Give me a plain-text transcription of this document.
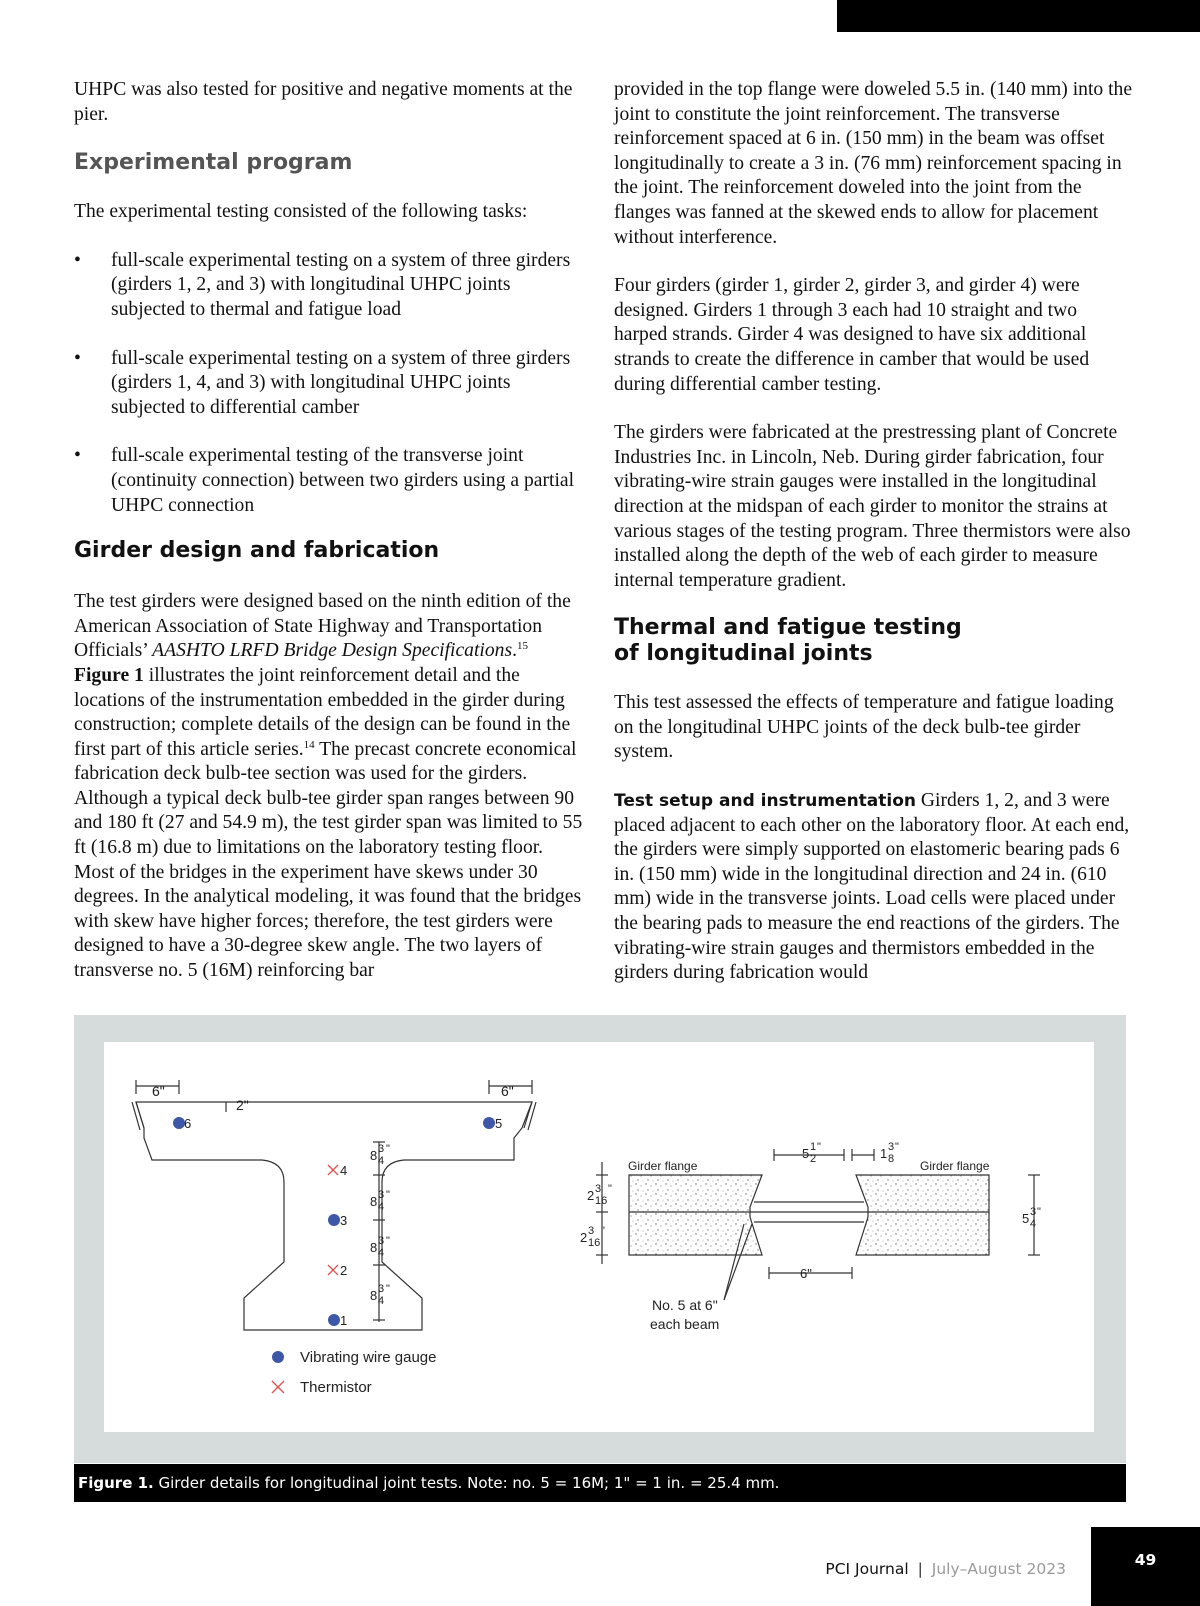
UHPC was also tested for positive and negative moments at the pier.

Experimental program

The experimental testing consisted of the following tasks:

• full-scale experimental testing on a system of three girders (girders 1, 2, and 3) with longitudinal UHPC joints subjected to thermal and fatigue load
• full-scale experimental testing on a system of three girders (girders 1, 4, and 3) with longitudinal UHPC joints subjected to differential camber
• full-scale experimental testing of the transverse joint (continuity connection) between two girders using a partial UHPC connection
Girder design and fabrication

The test girders were designed based on the ninth edition of the American Association of State Highway and Transportation Officials’ AASHTO LRFD Bridge Design Specifications.$^{15}$ Figure 1 illustrates the joint reinforcement detail and the locations of the instrumentation embedded in the girder during construction; complete details of the design can be found in the first part of this article series.$^{14}$ The precast concrete economical fabrication deck bulb-tee section was used for the girders. Although a typical deck bulb-tee girder span ranges between 90 and 180 ft (27 and 54.9 m), the test girder span was limited to 55 ft (16.8 m) due to limitations on the laboratory testing floor. Most of the bridges in the experiment have skews under 30 degrees. In the analytical modeling, it was found that the bridges with skew have higher forces; therefore, the test girders were designed to have a 30-degree skew angle. The two layers of transverse no. 5 (16M) reinforcing bar

provided in the top flange were doweled 5.5 in. (140 mm) into the joint to constitute the joint reinforcement. The transverse reinforcement spaced at 6 in. (150 mm) in the beam was offset longitudinally to create a 3 in. (76 mm) reinforcement spacing in the joint. The reinforcement doweled into the joint from the flanges was fanned at the skewed ends to allow for placement without interference.

Four girders (girder 1, girder 2, girder 3, and girder 4) were designed. Girders 1 through 3 each had 10 straight and two harped strands. Girder 4 was designed to have six additional strands to create the difference in camber that would be used during differential camber testing.

The girders were fabricated at the prestressing plant of Concrete Industries Inc. in Lincoln, Neb. During girder fabrication, four vibrating-wire strain gauges were installed in the longitudinal direction at the midspan of each girder to monitor the strains at various stages of the testing program. Three thermistors were also installed along the depth of the web of each girder to measure internal temperature gradient.

Thermal and fatigue testing
of longitudinal joints

This test assessed the effects of temperature and fatigue loading on the longitudinal UHPC joints of the deck bulb-tee girder system.

Test setup and instrumentation Girders 1, 2, and 3 were placed adjacent to each other on the laboratory floor. At each end, the girders were simply supported on elastomeric bearing pads 6 in. (150 mm) wide in the longitudinal direction and 24 in. (610 mm) wide in the transverse joints. Load cells were placed under the bearing pads to measure the end reactions of the girders. The vibrating-wire strain gauges and thermistors embedded in the girders during fabrication would

6"
2"
6"
8 3
4
"
8 3
4
"
8 3
4
"
8 3
4
"
6	5
4
3
2
1
Vibrating wire gauge
Thermistor
Girder flange	Girder flange
5 1
2
"	1 3
8
"
2 3
16
"
2 3
16
"
5 3
4
"
6"
No. 5 at 6"
each beam
Figure 1. Girder details for longitudinal joint tests. Note: no. 5 = 16M; 1" = 1 in. = 25.4 mm.
PCI Journal | July–August 2023	49
